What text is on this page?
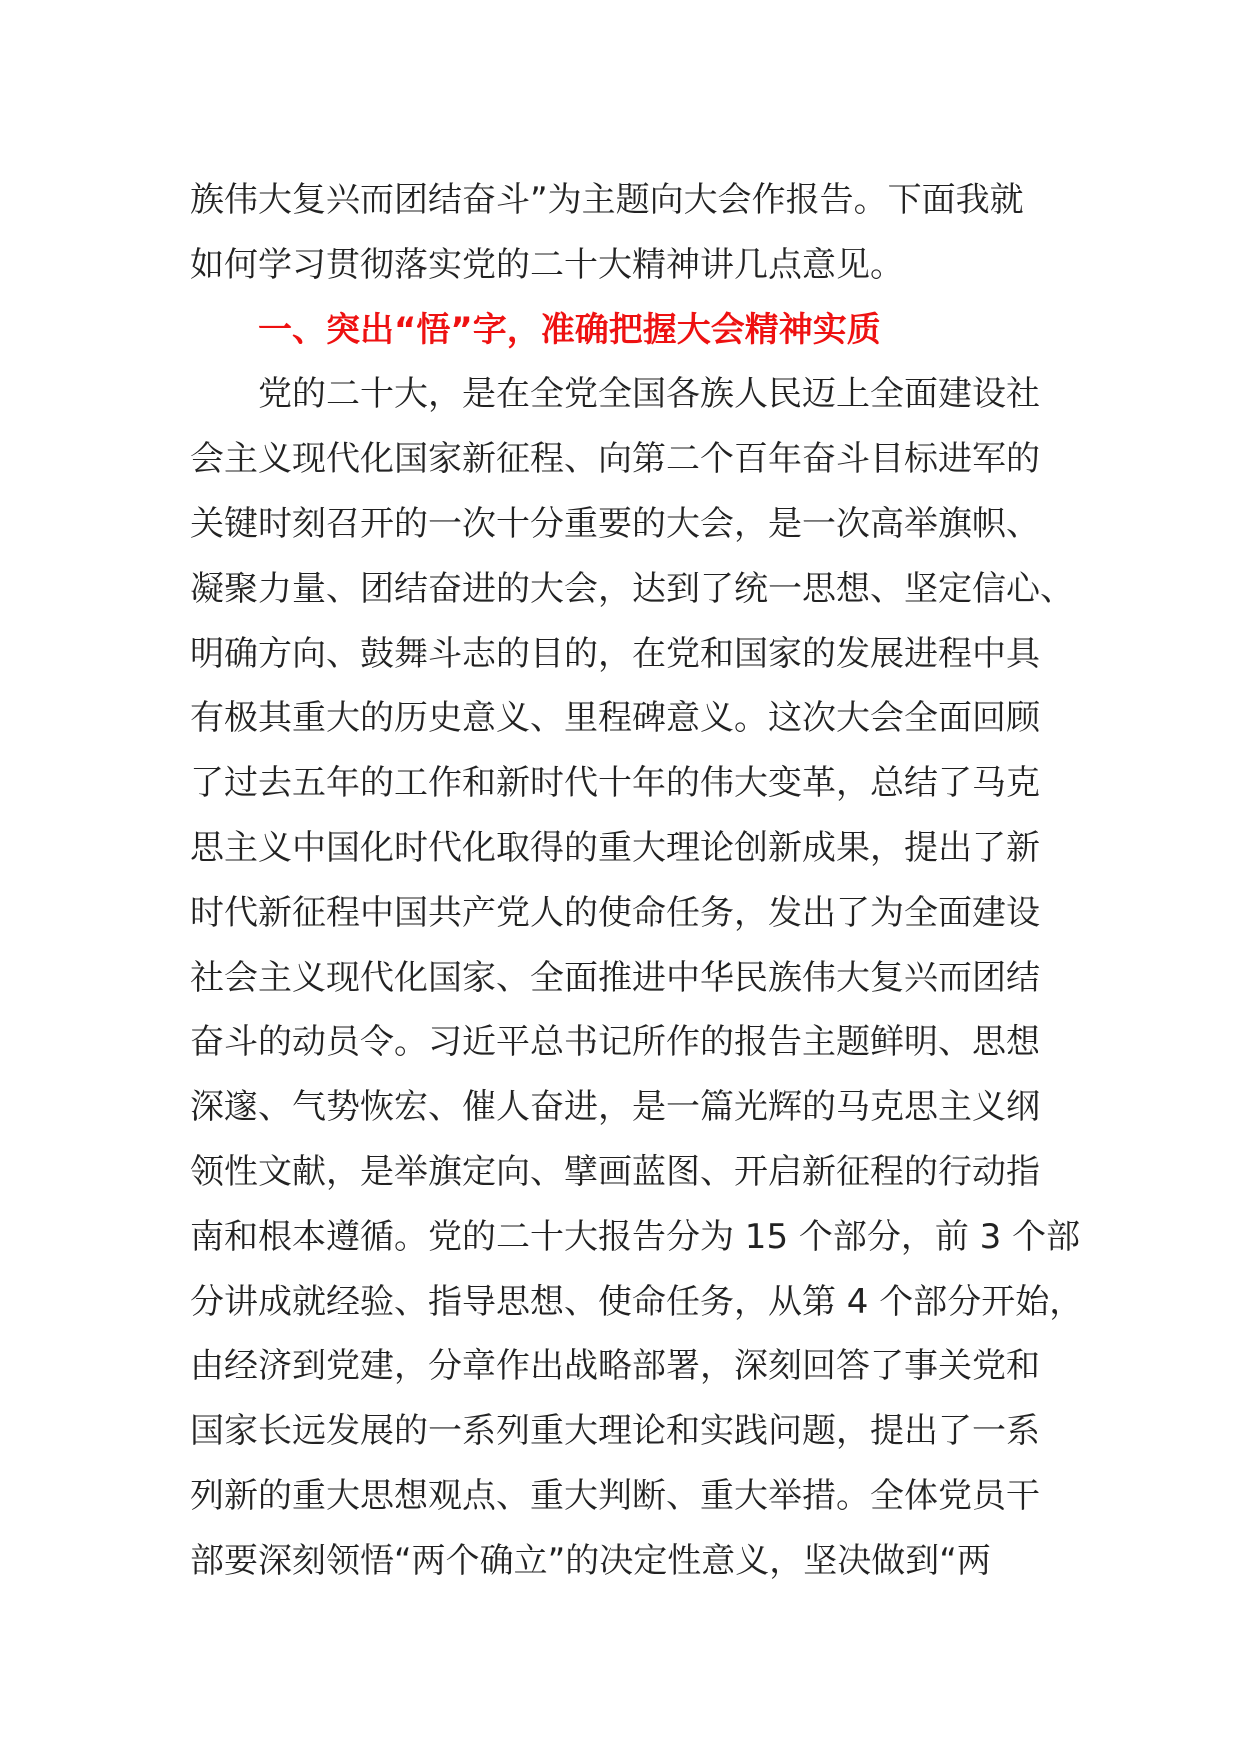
族伟大复兴而团结奋斗”为主题向大会作报告。下面我就
如何学习贯彻落实党的二十大精神讲几点意见。
一、突出“悟”字，准确把握大会精神实质
党的二十大，是在全党全国各族人民迈上全面建设社
会主义现代化国家新征程、向第二个百年奋斗目标进军的
关键时刻召开的一次十分重要的大会，是一次高举旗帜、
凝聚力量、团结奋进的大会，达到了统一思想、坚定信心、
明确方向、鼓舞斗志的目的，在党和国家的发展进程中具
有极其重大的历史意义、里程碑意义。这次大会全面回顾
了过去五年的工作和新时代十年的伟大变革，总结了马克
思主义中国化时代化取得的重大理论创新成果，提出了新
时代新征程中国共产党人的使命任务，发出了为全面建设
社会主义现代化国家、全面推进中华民族伟大复兴而团结
奋斗的动员令。习近平总书记所作的报告主题鲜明、思想
深邃、气势恢宏、催人奋进，是一篇光辉的马克思主义纲
领性文献，是举旗定向、擘画蓝图、开启新征程的行动指
南和根本遵循。党的二十大报告分为 15 个部分，前 3 个部
分讲成就经验、指导思想、使命任务，从第 4 个部分开始，
由经济到党建，分章作出战略部署，深刻回答了事关党和
国家长远发展的一系列重大理论和实践问题，提出了一系
列新的重大思想观点、重大判断、重大举措。全体党员干
部要深刻领悟“两个确立”的决定性意义，坚决做到“两
